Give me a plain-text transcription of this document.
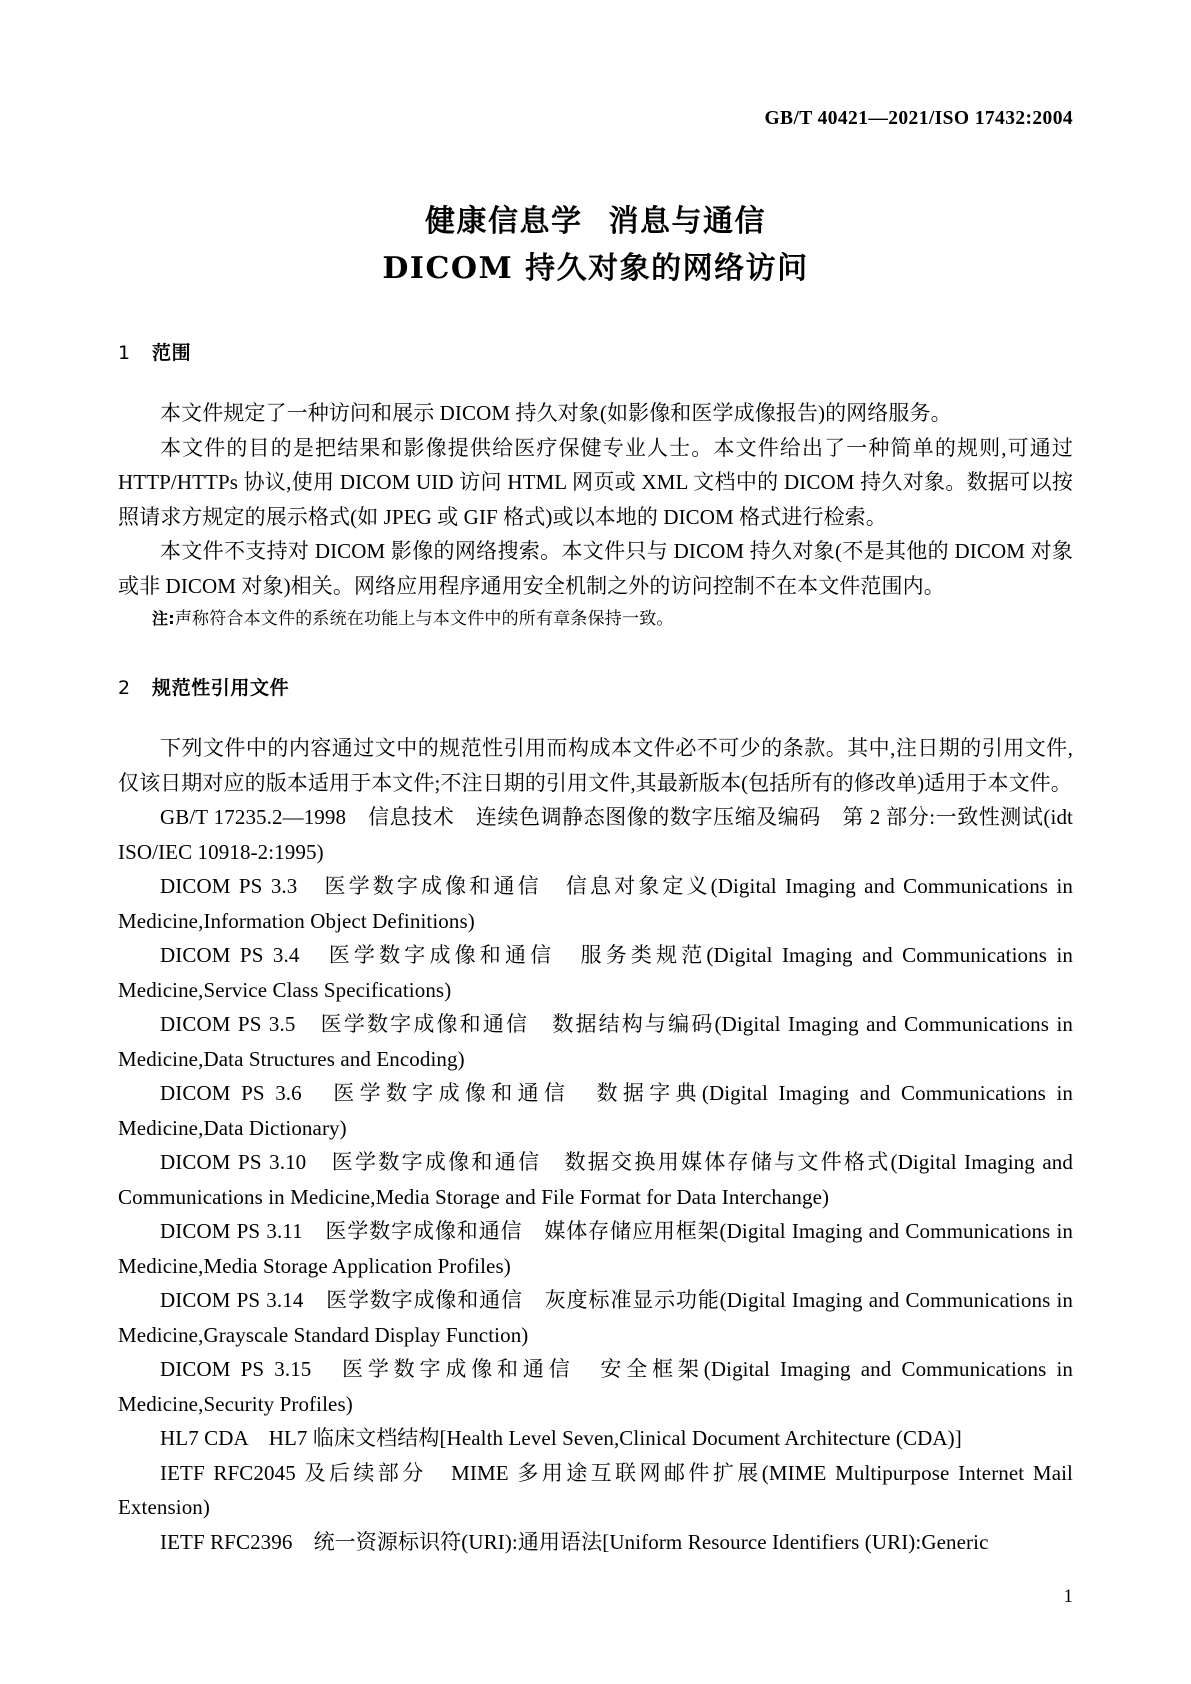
GB/T 40421—2021/ISO 17432:2004
健康信息学 消息与通信
DICOM 持久对象的网络访问
1 范围

本文件规定了一种访问和展示 DICOM 持久对象(如影像和医学成像报告)的网络服务。

本文件的目的是把结果和影像提供给医疗保健专业人士。本文件给出了一种简单的规则,可通过 HTTP/HTTPs 协议,使用 DICOM UID 访问 HTML 网页或 XML 文档中的 DICOM 持久对象。数据可以按照请求方规定的展示格式(如 JPEG 或 GIF 格式)或以本地的 DICOM 格式进行检索。

本文件不支持对 DICOM 影像的网络搜索。本文件只与 DICOM 持久对象(不是其他的 DICOM 对象或非 DICOM 对象)相关。网络应用程序通用安全机制之外的访问控制不在本文件范围内。

注:声称符合本文件的系统在功能上与本文件中的所有章条保持一致。

2 规范性引用文件

下列文件中的内容通过文中的规范性引用而构成本文件必不可少的条款。其中,注日期的引用文件,仅该日期对应的版本适用于本文件;不注日期的引用文件,其最新版本(包括所有的修改单)适用于本文件。

GB/T 17235.2—1998　信息技术　连续色调静态图像的数字压缩及编码　第 2 部分:一致性测试(idt ISO/IEC 10918-2:1995)

DICOM PS 3.3　医学数字成像和通信　信息对象定义(Digital Imaging and Communications in Medicine,Information Object Definitions)

DICOM PS 3.4　医学数字成像和通信　服务类规范(Digital Imaging and Communications in Medicine,Service Class Specifications)

DICOM PS 3.5　医学数字成像和通信　数据结构与编码(Digital Imaging and Communications in Medicine,Data Structures and Encoding)

DICOM PS 3.6　医学数字成像和通信　数据字典(Digital Imaging and Communications in Medicine,Data Dictionary)

DICOM PS 3.10　医学数字成像和通信　数据交换用媒体存储与文件格式(Digital Imaging and Communications in Medicine,Media Storage and File Format for Data Interchange)

DICOM PS 3.11　医学数字成像和通信　媒体存储应用框架(Digital Imaging and Communications in Medicine,Media Storage Application Profiles)

DICOM PS 3.14　医学数字成像和通信　灰度标准显示功能(Digital Imaging and Communications in Medicine,Grayscale Standard Display Function)

DICOM PS 3.15　医学数字成像和通信　安全框架(Digital Imaging and Communications in Medicine,Security Profiles)

HL7 CDA　HL7 临床文档结构[Health Level Seven,Clinical Document Architecture (CDA)]

IETF RFC2045 及后续部分　MIME 多用途互联网邮件扩展(MIME Multipurpose Internet Mail Extension)

IETF RFC2396　统一资源标识符(URI):通用语法[Uniform Resource Identifiers (URI):Generic

1
